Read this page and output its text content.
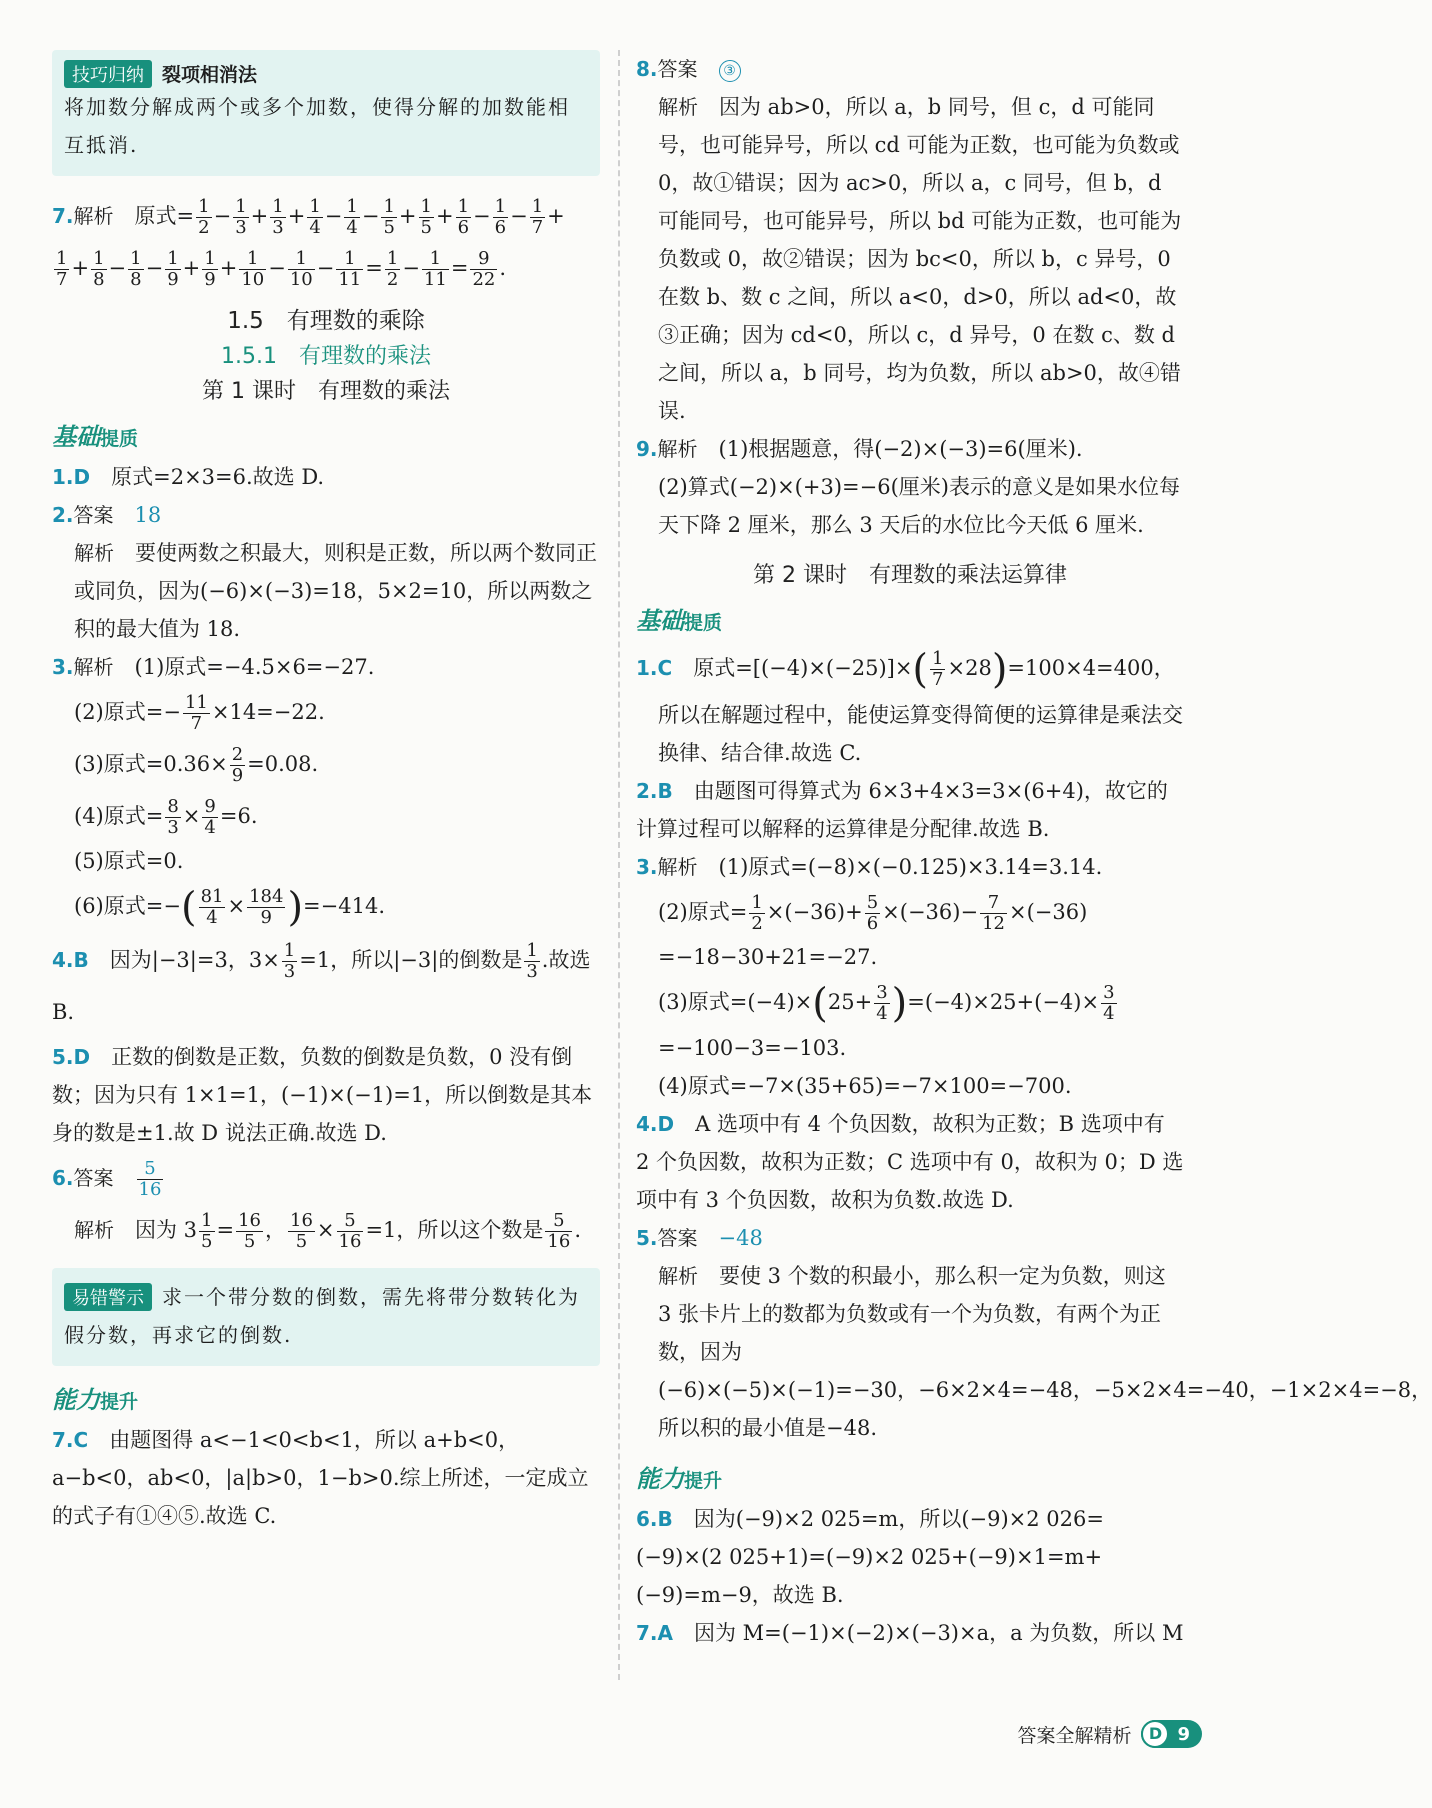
技巧归纳 裂项相消法
将加数分解成两个或多个加数，使得分解的加数能相互抵消.
7.解析　 原式= $\frac{1}{2} - \frac{1}{3} + \frac{1}{3} + \frac{1}{4} - \frac{1}{4} - \frac{1}{5} + \frac{1}{5} + \frac{1}{6} - \frac{1}{6} - \frac{1}{7}$ +
$\frac{1}{7} + \frac{1}{8} - \frac{1}{8} - \frac{1}{9} + \frac{1}{9} + \frac{1}{10} - \frac{1}{10} - \frac{1}{11} = \frac{1}{2} - \frac{1}{11} = \frac{9}{22}$ .
1.5　有理数的乘除
1.5.1　有理数的乘法
第 1 课时　有理数的乘法
基础提质

1.D　 原式=2×3=6.故选 D.

2.答案　 18

解析　 要使两数之积最大，则积是正数，所以两个数同正或同负，因为(−6)×(−3)=18，5×2=10，所以两数之积的最大值为 18.

3.解析　 (1)原式=−4.5×6=−27.

(2)原式=− $\frac{11}{7} \times 14=-22$.
(3)原式$=0.36\times \frac{2}{9} =0.08$.
(4)原式= $\frac{8}{3} \times \frac{9}{4} =6$.

(5)原式=0.

(6)原式=−( $\frac{81}{4} \times \frac{184}{9} )=-414$.
4.B　 因为|−3|=3，$3\times \frac{1}{3} =1$，所以|−3|的倒数是 $\frac{1}{3}$ .故选 B.

5.D　 正数的倒数是正数，负数的倒数是负数，0 没有倒数；因为只有 1×1=1，(−1)×(−1)=1，所以倒数是其本身的数是±1.故 D 说法正确.故选 D.

6.答案　 $\frac{5}{16}$
解析　 因为 $3 \frac{1}{5} = \frac{16}{5}$ ， $\frac{16}{5} \times \frac{5}{16} =1$，所以这个数是 $\frac{5}{16}$ .
易错警示 求一个带分数的倒数，需先将带分数转化为假分数，再求它的倒数.
能力提升

7.C　 由题图得 a<−1<0<b<1，所以 a+b<0，a−b<0，ab<0，|a|b>0，1−b>0.综上所述，一定成立的式子有①④⑤.故选 C.

8.答案　 ③

解析　 因为 ab>0，所以 a，b 同号，但 c，d 可能同号，也可能异号，所以 cd 可能为正数，也可能为负数或 0，故①错误；因为 ac>0，所以 a，c 同号，但 b，d 可能同号，也可能异号，所以 bd 可能为正数，也可能为负数或 0，故②错误；因为 bc<0，所以 b，c 异号，0 在数 b、数 c 之间，所以 a<0，d>0，所以 ad<0，故③正确；因为 cd<0，所以 c，d 异号，0 在数 c、数 d 之间，所以 a，b 同号，均为负数，所以 ab>0，故④错误.

9.解析　 (1)根据题意，得(−2)×(−3)=6(厘米).

(2)算式(−2)×(+3)=−6(厘米)表示的意义是如果水位每天下降 2 厘米，那么 3 天后的水位比今天低 6 厘米.

第 2 课时　有理数的乘法运算律
基础提质
1.C　 原式$=[(-4)\times(-25)]\times( \frac{1}{7} \times 28)=100\times 4=400$，

所以在解题过程中，能使运算变得简便的运算律是乘法交换律、结合律.故选 C.

2.B　 由题图可得算式为 6×3+4×3=3×(6+4)，故它的计算过程可以解释的运算律是分配律.故选 B.

3.解析　 (1)原式=(−8)×(−0.125)×3.14=3.14.

(2)原式= $\frac{1}{2} \times(-36)+ \frac{5}{6} \times(-36)- \frac{7}{12} \times(-36)$

=−18−30+21=−27.

(3)原式$=(-4)\times(25+ \frac{3}{4} )=(-4)\times 25+(-4)\times \frac{3}{4}$

=−100−3=−103.

(4)原式=−7×(35+65)=−7×100=−700.

4.D　 A 选项中有 4 个负因数，故积为正数；B 选项中有 2 个负因数，故积为正数；C 选项中有 0，故积为 0；D 选项中有 3 个负因数，故积为负数.故选 D.

5.答案　 −48

解析　 要使 3 个数的积最小，那么积一定为负数，则这 3 张卡片上的数都为负数或有一个为负数，有两个为正数，因为(−6)×(−5)×(−1)=−30，−6×2×4=−48，−5×2×4=−40，−1×2×4=−8，所以积的最小值是−48.

能力提升

6.B　 因为(−9)×2 025=m，所以(−9)×2 026=(−9)×(2 025+1)=(−9)×2 025+(−9)×1=m+(−9)=m−9，故选 B.

7.A　 因为 M=(−1)×(−2)×(−3)×a，a 为负数，所以 M

答案全解精析	D 9
